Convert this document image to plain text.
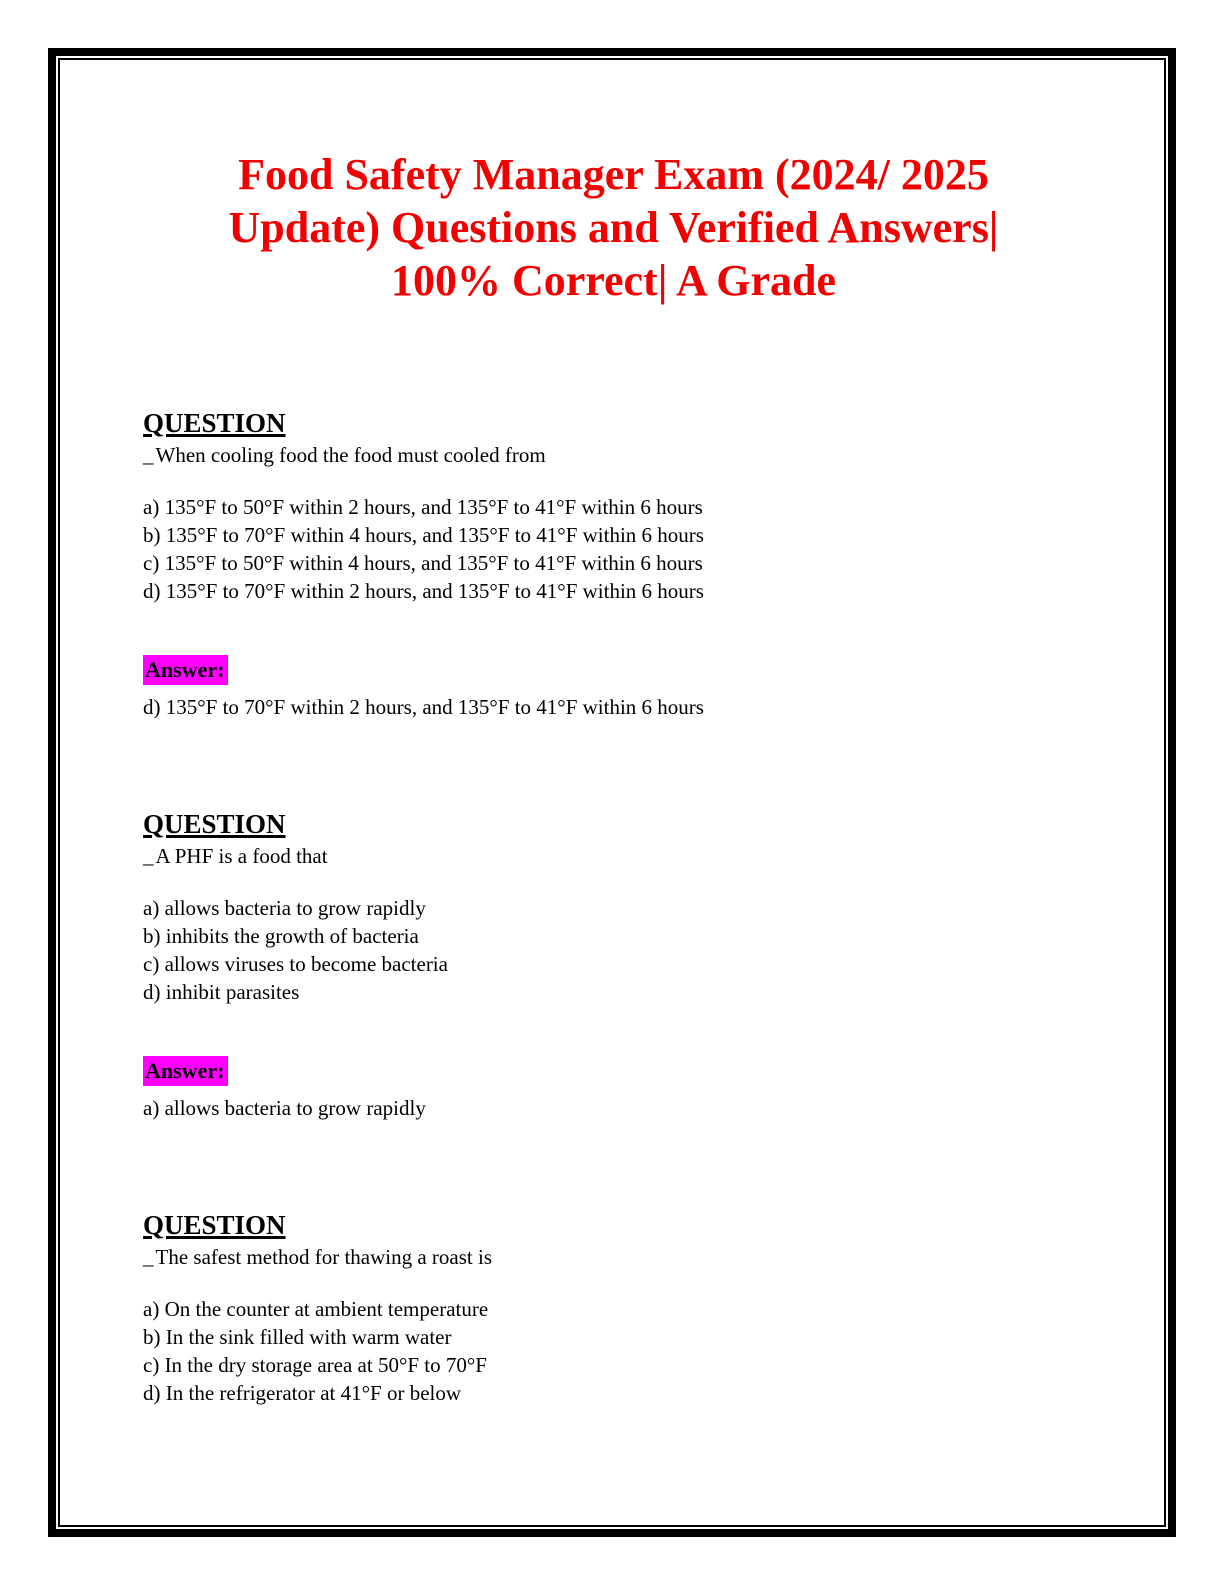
Food Safety Manager Exam (2024/ 2025
Update) Questions and Verified Answers|
100% Correct| A Grade
QUESTION

_When cooling food the food must cooled from

a) 135°F to 50°F within 2 hours, and 135°F to 41°F within 6 hours
b) 135°F to 70°F within 4 hours, and 135°F to 41°F within 6 hours
c) 135°F to 50°F within 4 hours, and 135°F to 41°F within 6 hours
d) 135°F to 70°F within 2 hours, and 135°F to 41°F within 6 hours

Answer:

d) 135°F to 70°F within 2 hours, and 135°F to 41°F within 6 hours

QUESTION

_A PHF is a food that

a) allows bacteria to grow rapidly
b) inhibits the growth of bacteria
c) allows viruses to become bacteria
d) inhibit parasites

Answer:

a) allows bacteria to grow rapidly

QUESTION

_The safest method for thawing a roast is

a) On the counter at ambient temperature
b) In the sink filled with warm water
c) In the dry storage area at 50°F to 70°F
d) In the refrigerator at 41°F or below
